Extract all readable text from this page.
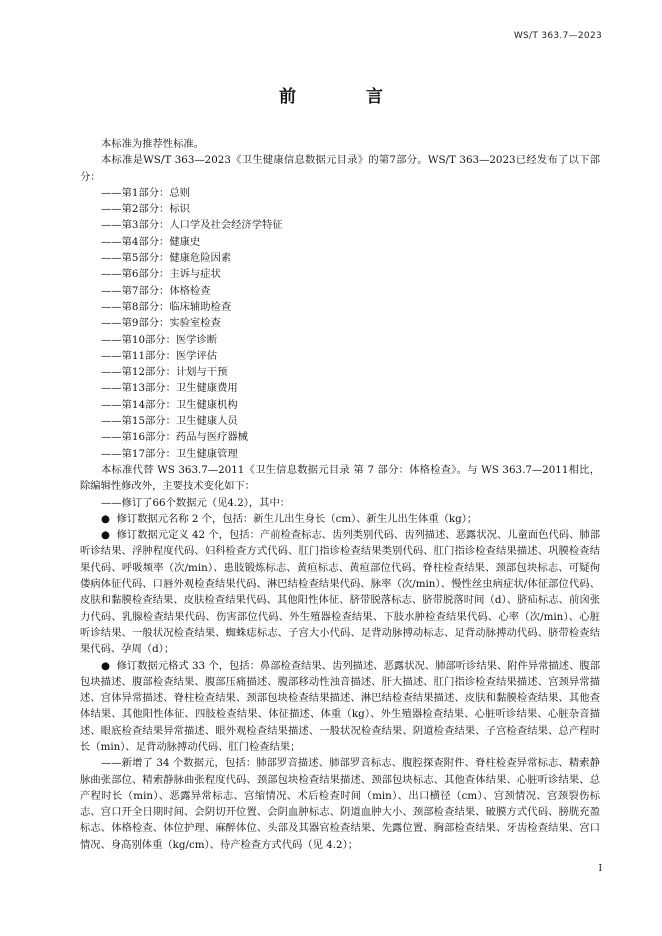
WS/T 363.7—2023
前 言

本标准为推荐性标准。

本标准是WS/T 363—2023《卫生健康信息数据元目录》的第7部分。WS/T 363—2023已经发布了以下部分：

——第1部分：总则

——第2部分：标识

——第3部分：人口学及社会经济学特征

——第4部分：健康史

——第5部分：健康危险因素

——第6部分：主诉与症状

——第7部分：体格检查

——第8部分：临床辅助检查

——第9部分：实验室检查

——第10部分：医学诊断

——第11部分：医学评估

——第12部分：计划与干预

——第13部分：卫生健康费用

——第14部分：卫生健康机构

——第15部分：卫生健康人员

——第16部分：药品与医疗器械

——第17部分：卫生健康管理

本标准代替 WS 363.7—2011《卫生信息数据元目录 第 7 部分：体格检查》。与 WS 363.7—2011相比，除编辑性修改外，主要技术变化如下：

——修订了66个数据元（见4.2），其中：

● 修订数据元名称 2 个，包括：新生儿出生身长（cm）、新生儿出生体重（kg）；

● 修订数据元定义 42 个，包括：产前检查标志、齿列类别代码、齿列描述、恶露状况、儿童面色代码、肺部听诊结果、浮肿程度代码、妇科检查方式代码、肛门指诊检查结果类别代码、肛门指诊检查结果描述、巩膜检查结果代码、呼吸频率（次/min）、患肢锻炼标志、黄疸标志、黄疸部位代码、脊柱检查结果、颈部包块标志、可疑佝偻病体征代码、口唇外观检查结果代码、淋巴结检查结果代码、脉率（次/min）、慢性丝虫病症状/体征部位代码、皮肤和黏膜检查结果、皮肤检查结果代码、其他阳性体征、脐带脱落标志、脐带脱落时间（d）、脐疝标志、前囟张力代码、乳腺检查结果代码、伤害部位代码、外生殖器检查结果、下肢水肿检查结果代码、心率（次/min）、心脏听诊结果、一般状况检查结果、蜘蛛痣标志、子宫大小代码、足背动脉搏动标志、足背动脉搏动代码、脐带检查结果代码、孕周（d）；

● 修订数据元格式 33 个，包括：鼻部检查结果、齿列描述、恶露状况、肺部听诊结果、附件异常描述、腹部包块描述、腹部检查结果、腹部压痛描述、腹部移动性浊音描述、肝大描述、肛门指诊检查结果描述、宫颈异常描述、宫体异常描述、脊柱检查结果、颈部包块检查结果描述、淋巴结检查结果描述、皮肤和黏膜检查结果、其他查体结果、其他阳性体征、四肢检查结果、体征描述、体重（kg）、外生殖器检查结果、心脏听诊结果、心脏杂音描述、眼底检查结果异常描述、眼外观检查结果描述、一般状况检查结果、阴道检查结果、子宫检查结果、总产程时长（min）、足背动脉搏动代码、肛门检查结果；

——新增了 34 个数据元，包括：肺部罗音描述、肺部罗音标志、腹腔探查附件、脊柱检查异常标志、精索静脉曲张部位、精索静脉曲张程度代码、颈部包块检查结果描述、颈部包块标志、其他查体结果、心脏听诊结果、总产程时长（min）、恶露异常标志、宫缩情况、术后检查时间（min）、出口横径（cm）、宫颈情况、宫颈裂伤标志、宫口开全日期时间、会阴切开位置、会阴血肿标志、阴道血肿大小、颈部检查结果、破膜方式代码、膀胱充盈标志、体格检查、体位护理、麻醉体位、头部及其器官检查结果、先露位置、胸部检查结果、牙齿检查结果、宫口情况、身高别体重（kg/cm）、待产检查方式代码（见 4.2）；

I
